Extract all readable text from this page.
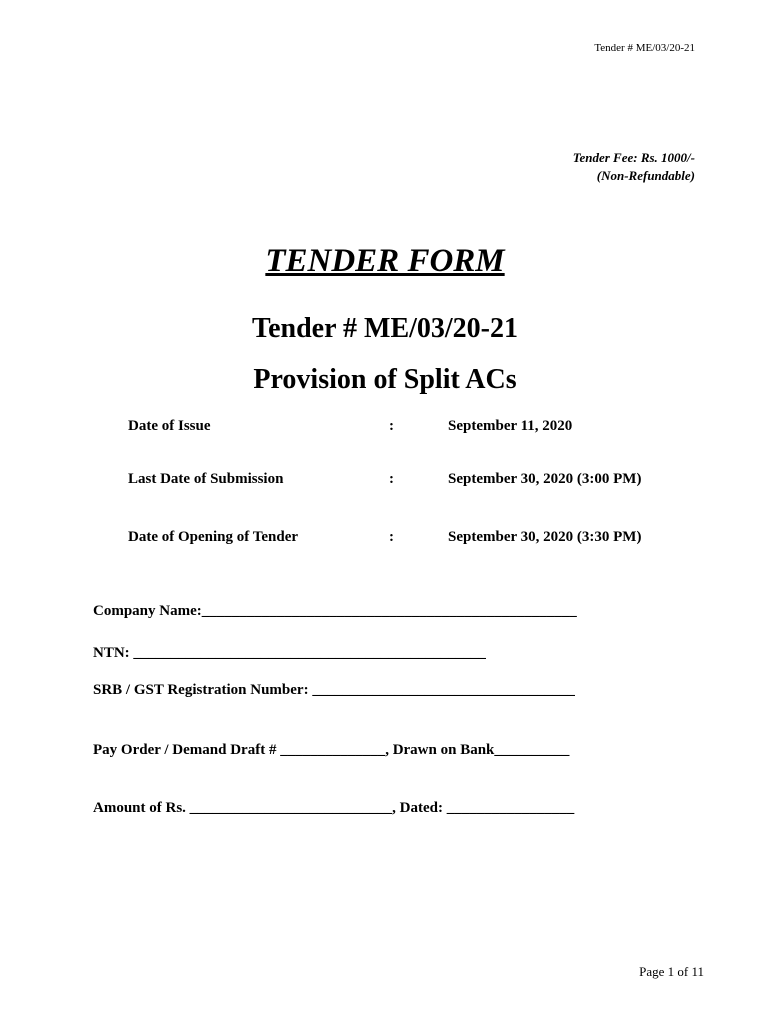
Tender # ME/03/20-21
Tender Fee: Rs. 1000/-
(Non-Refundable)
TENDER FORM
Tender # ME/03/20-21
Provision of Split ACs
Date of Issue	:	September 11, 2020
Last Date of Submission	:	September 30, 2020 (3:00 PM)
Date of Opening of Tender	:	September 30, 2020 (3:30 PM)
Company Name:__________________________________________________
NTN: _______________________________________________
SRB / GST Registration Number: ___________________________________
Pay Order / Demand Draft # ______________, Drawn on Bank__________
Amount of Rs. ___________________________, Dated: _________________
Page 1 of 11
